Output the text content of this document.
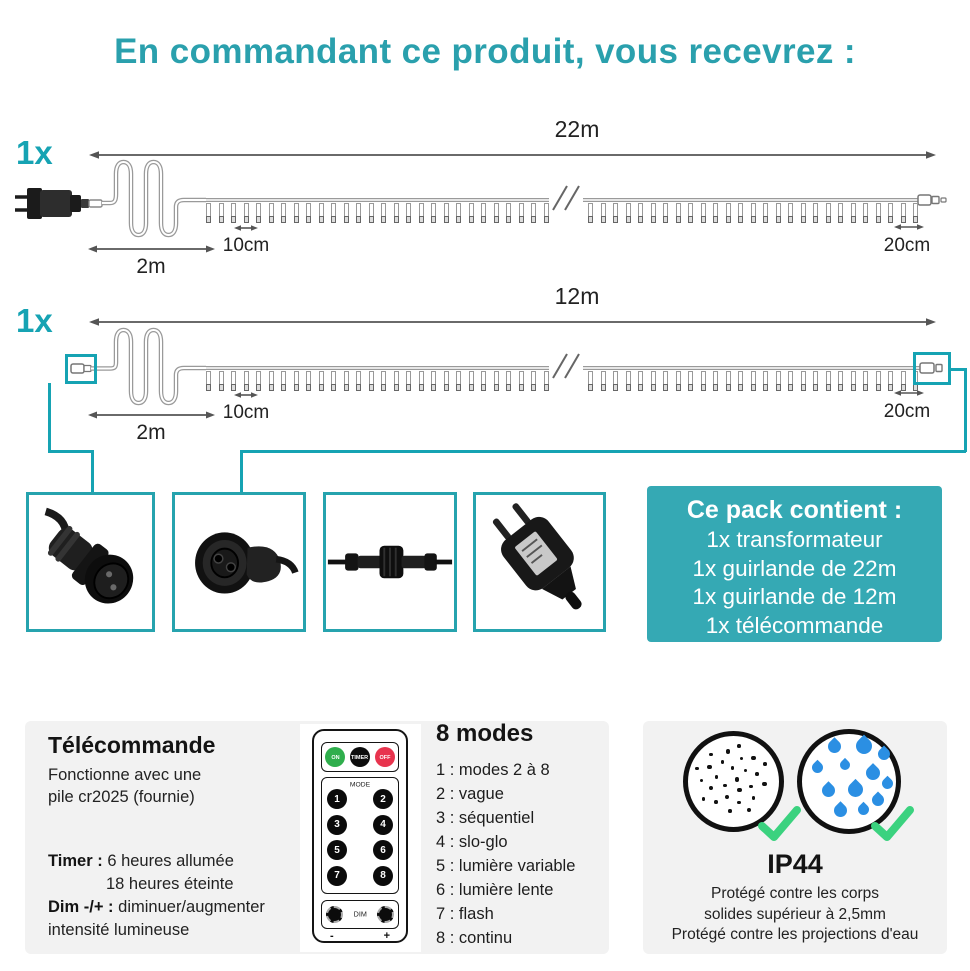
En commandant ce produit, vous recevrez :
1x
22m
2m
10cm	20cm
1x
12m
2m
10cm	20cm
Ce pack contient :
1x transformateur
1x guirlande de 22m
1x guirlande de 12m
1x télécommande
Télécommande
Fonctionne avec une
pile cr2025 (fournie)
Timer : 6 heures allumée
18 heures éteinte
Dim -/+ : diminuer/augmenter
intensité lumineuse
ON TIMER OFF
MODE
1	2
3	4
5	6
7	8
DIM
-	+
8 modes
1 : modes 2 à 8
2 : vague
3 : séquentiel
4 : slo-glo
5 : lumière variable
6 : lumière lente
7 : flash
8 : continu
IP44
Protégé contre les corps
solides supérieur à 2,5mm
Protégé contre les projections d'eau
